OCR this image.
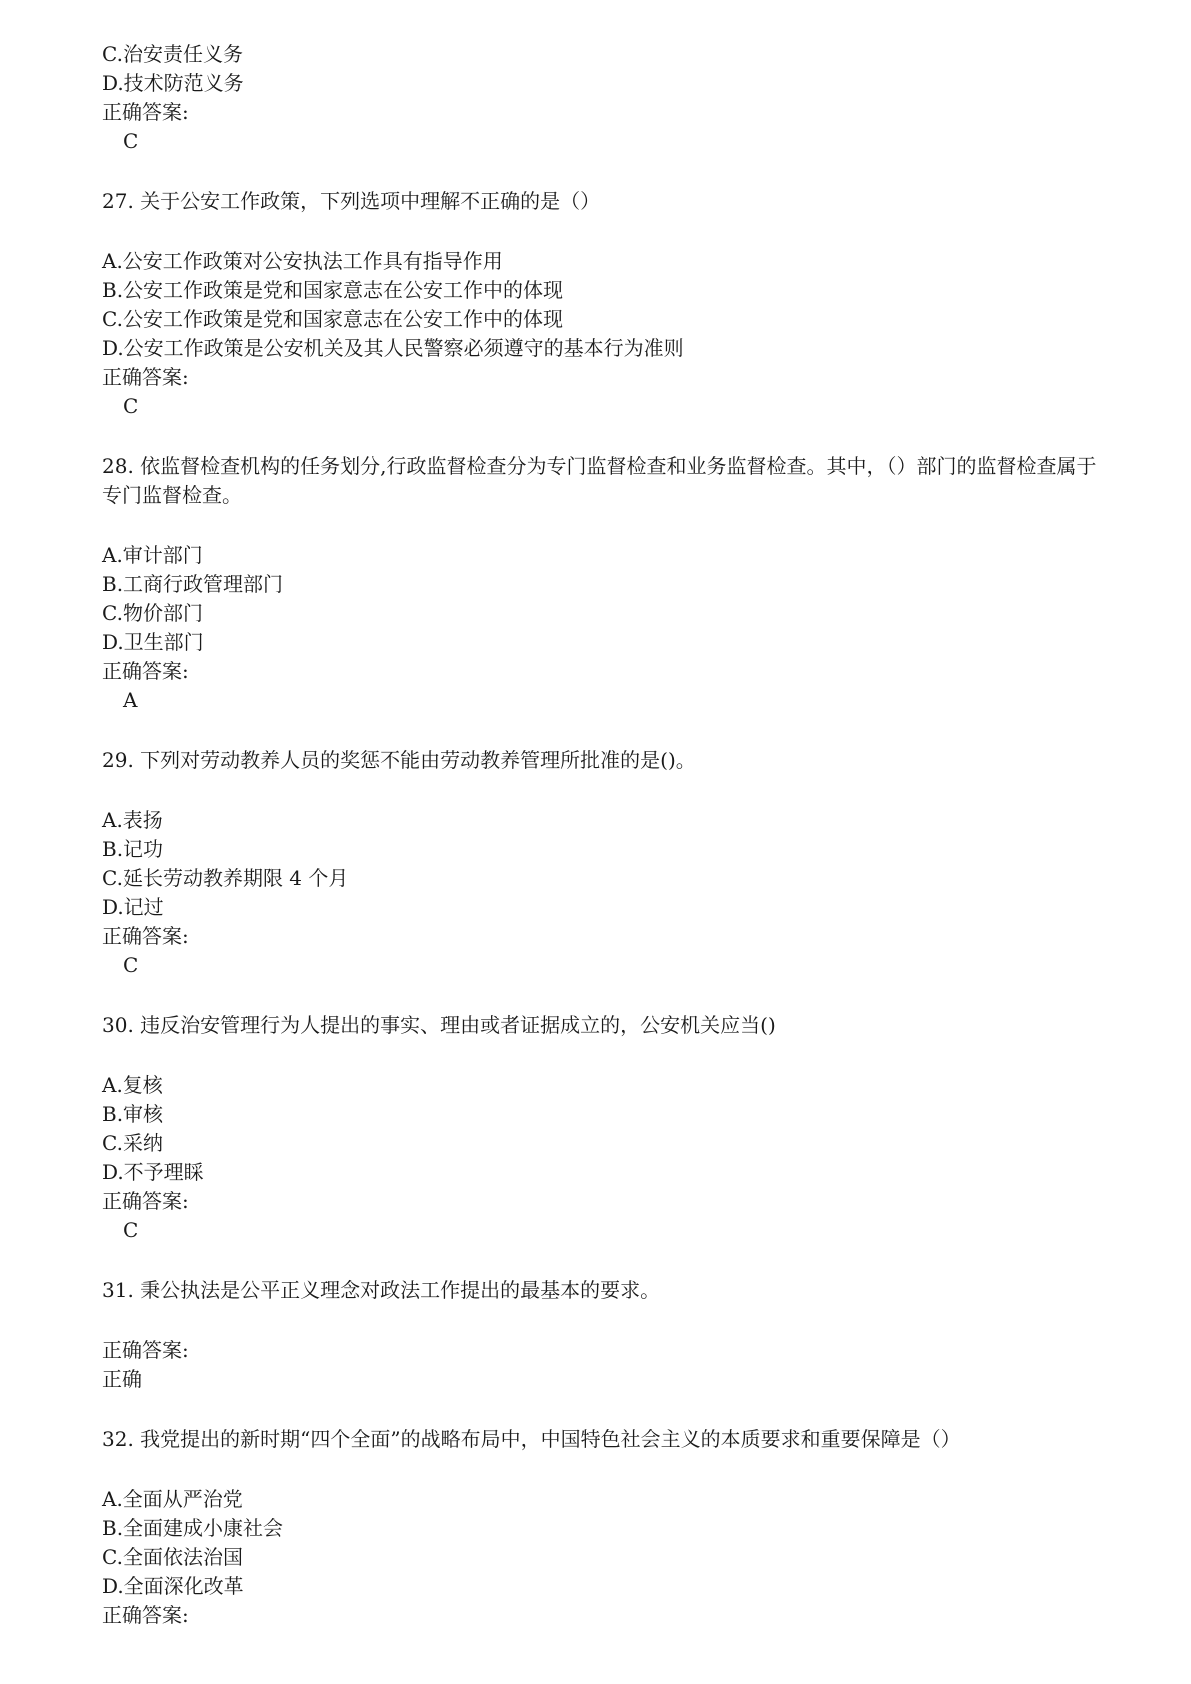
C.治安责任义务
D.技术防范义务
正确答案:
C
27. 关于公安工作政策，下列选项中理解不正确的是（）
A.公安工作政策对公安执法工作具有指导作用
B.公安工作政策是党和国家意志在公安工作中的体现
C.公安工作政策是党和国家意志在公安工作中的体现
D.公安工作政策是公安机关及其人民警察必须遵守的基本行为准则
正确答案:
C
28. 依监督检查机构的任务划分,行政监督检查分为专门监督检查和业务监督检查。其中，（）部门的监督检查属于专门监督检查。
A.审计部门
B.工商行政管理部门
C.物价部门
D.卫生部门
正确答案:
A
29. 下列对劳动教养人员的奖惩不能由劳动教养管理所批准的是()。
A.表扬
B.记功
C.延长劳动教养期限 4 个月
D.记过
正确答案:
C
30. 违反治安管理行为人提出的事实、理由或者证据成立的，公安机关应当()
A.复核
B.审核
C.采纳
D.不予理睬
正确答案:
C
31. 秉公执法是公平正义理念对政法工作提出的最基本的要求。
正确答案:
正确
32. 我党提出的新时期“四个全面”的战略布局中，中国特色社会主义的本质要求和重要保障是（）
A.全面从严治党
B.全面建成小康社会
C.全面依法治国
D.全面深化改革
正确答案:
